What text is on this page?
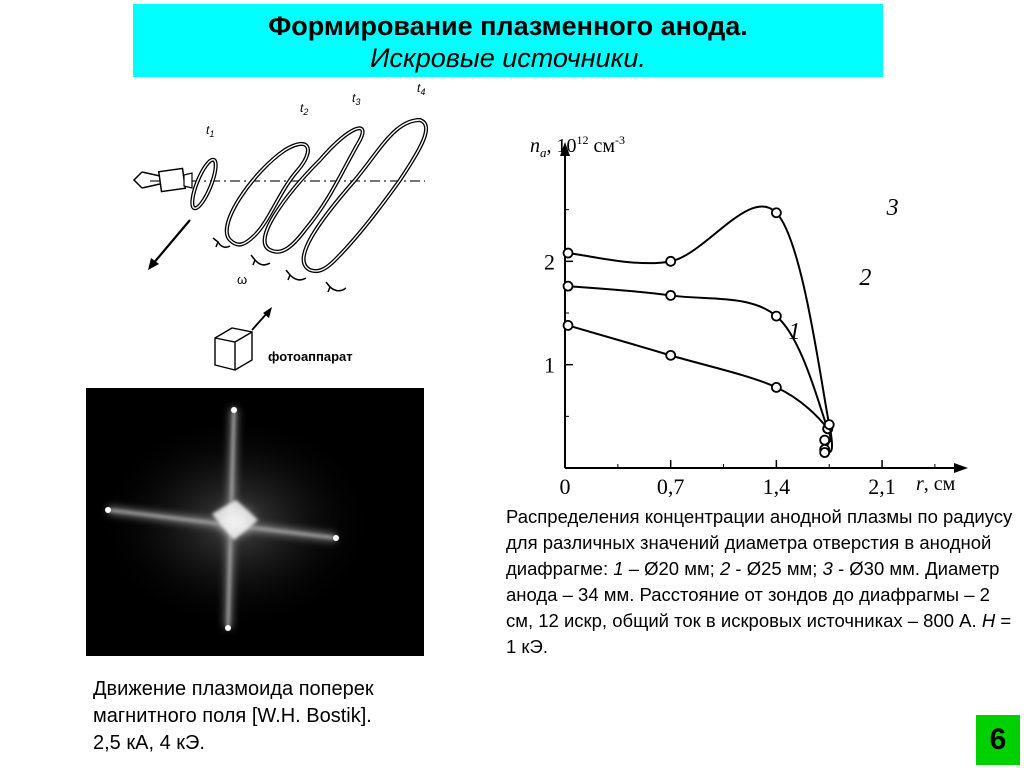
Формирование плазменного анода.
Искровые источники.
$t_1$
$t_2$
$t_3$
$t_4$
ω
фотоаппарат
Движение плазмоида поперек
магнитного поля [W.H. Bostik].
2,5 кА, 4 кЭ.
0	0,7	1,4	2,1
1
2
1
2
3
$n_a$, $10^{12}$ $см^{-3}$
r, см
Распределения концентрации анодной плазмы по радиусу для различных значений диаметра отверстия в анодной диафрагме: 1 – Ø20 мм; 2 - Ø25 мм; 3 - Ø30 мм. Диаметр анода – 34 мм. Расстояние от зондов до диафрагмы – 2 см, 12 искр, общий ток в искровых источниках – 800 А. H = 1 кЭ.
6
